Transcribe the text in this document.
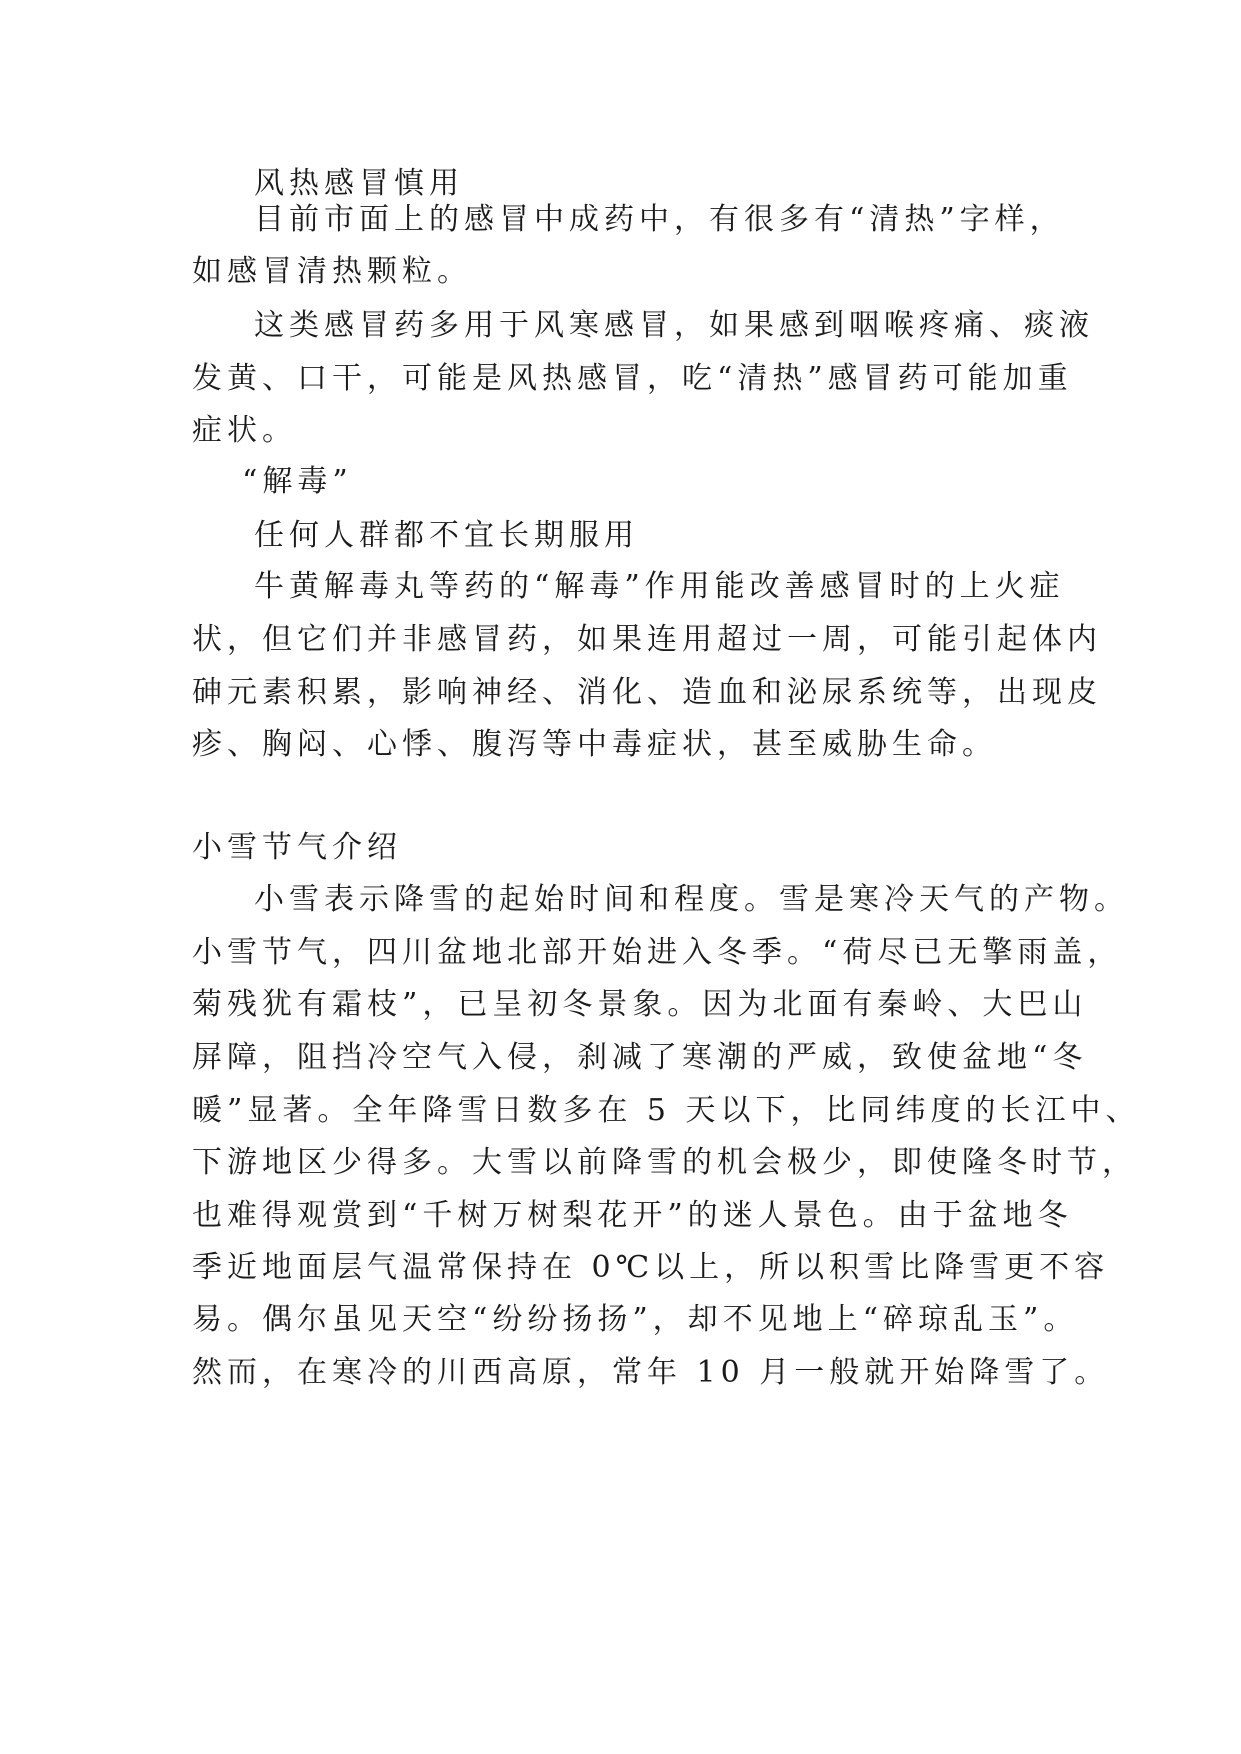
风热感冒慎用
目前市面上的感冒中成药中，有很多有“清热”字样，
如感冒清热颗粒。
这类感冒药多用于风寒感冒，如果感到咽喉疼痛、痰液
发黄、口干，可能是风热感冒，吃“清热”感冒药可能加重
症状。
“解毒”
任何人群都不宜长期服用
牛黄解毒丸等药的“解毒”作用能改善感冒时的上火症
状，但它们并非感冒药，如果连用超过一周，可能引起体内
砷元素积累，影响神经、消化、造血和泌尿系统等，出现皮
疹、胸闷、心悸、腹泻等中毒症状，甚至威胁生命。
小雪节气介绍
小雪表示降雪的起始时间和程度。雪是寒冷天气的产物。
小雪节气，四川盆地北部开始进入冬季。“荷尽已无擎雨盖，
菊残犹有霜枝”，已呈初冬景象。因为北面有秦岭、大巴山
屏障，阻挡冷空气入侵，刹减了寒潮的严威，致使盆地“冬
暖”显著。全年降雪日数多在 5 天以下，比同纬度的长江中、
下游地区少得多。大雪以前降雪的机会极少，即使隆冬时节，
也难得观赏到“千树万树梨花开”的迷人景色。由于盆地冬
季近地面层气温常保持在 0℃以上，所以积雪比降雪更不容
易。偶尔虽见天空“纷纷扬扬”，却不见地上“碎琼乱玉”。
然而，在寒冷的川西高原，常年 10 月一般就开始降雪了。
